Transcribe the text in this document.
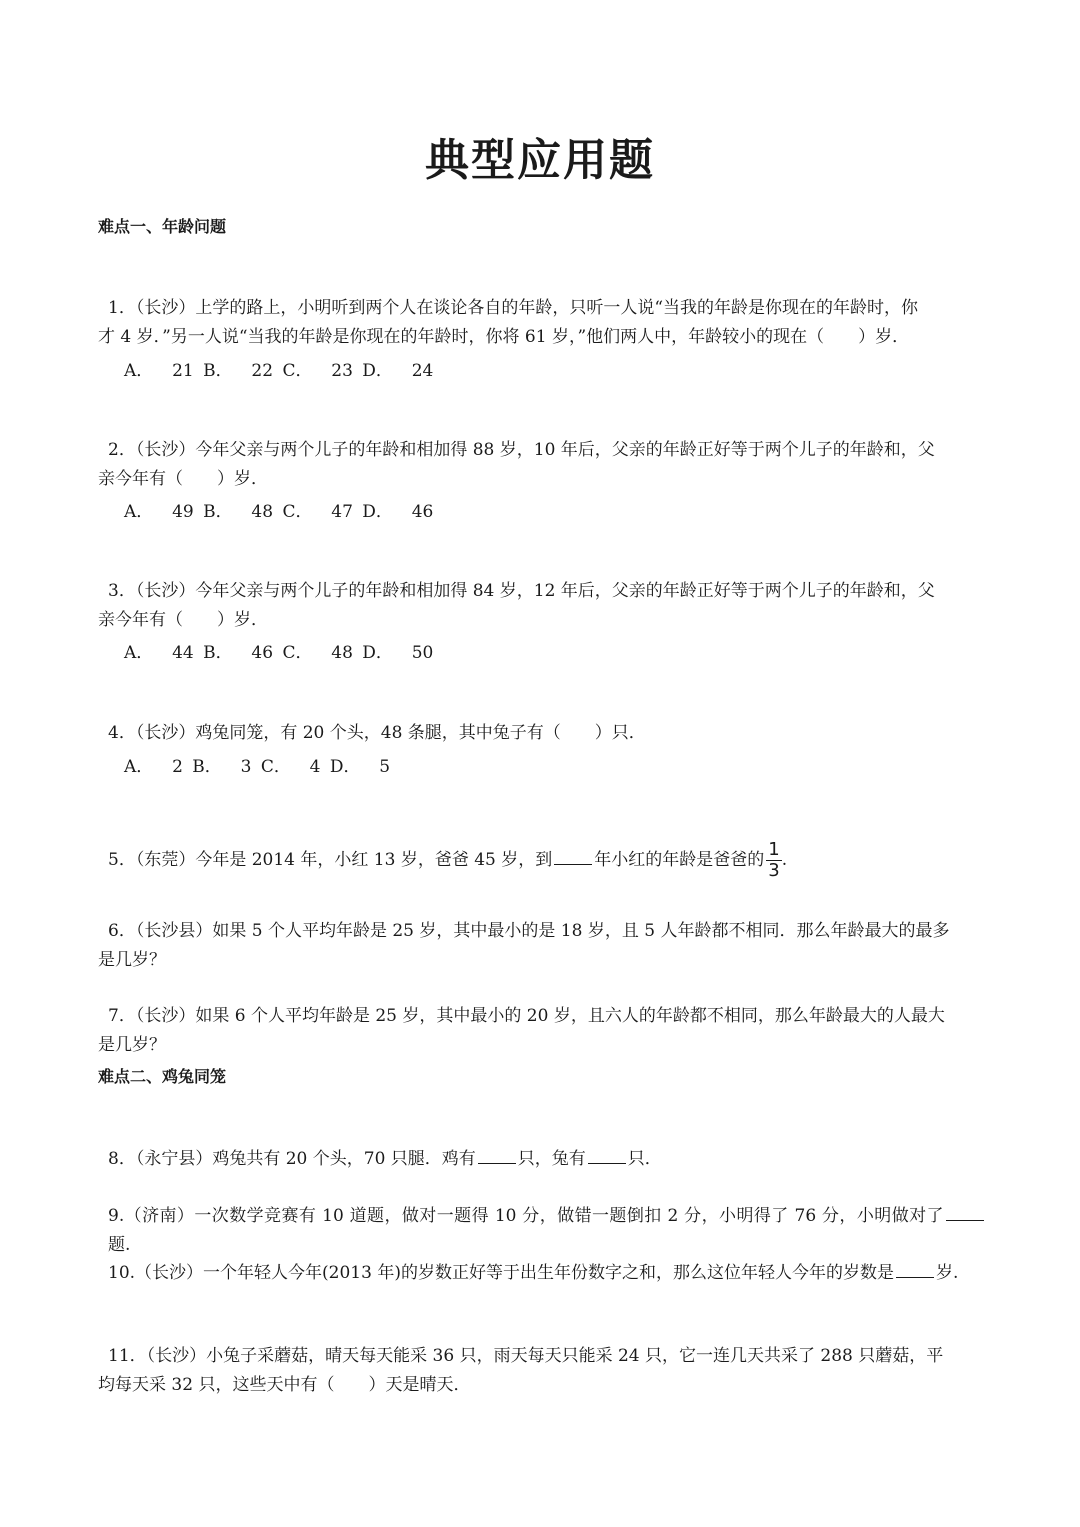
典型应用题
难点一、年龄问题
1．（长沙）上学的路上，小明听到两个人在谈论各自的年龄，只听一人说“当我的年龄是你现在的年龄时，你
才 4 岁．”另一人说“当我的年龄是你现在的年龄时，你将 61 岁，”他们两人中，年龄较小的现在（　　）岁．
A．  21 B．  22 C．  23 D．  24
2．（长沙）今年父亲与两个儿子的年龄和相加得 88 岁，10 年后，父亲的年龄正好等于两个儿子的年龄和，父
亲今年有（　　）岁．
A．  49 B．  48 C．  47 D．  46
3．（长沙）今年父亲与两个儿子的年龄和相加得 84 岁，12 年后，父亲的年龄正好等于两个儿子的年龄和，父
亲今年有（　　）岁．
A．  44 B．  46 C．  48 D．  50
4．（长沙）鸡兔同笼，有 20 个头，48 条腿，其中兔子有（　　）只．
A．  2 B．  3 C．  4 D．  5
5．（东莞）今年是 2014 年，小红 13 岁，爸爸 45 岁，到 年小红的年龄是爸爸的 $\frac{1}{3}$ .
6．（长沙县）如果 5 个人平均年龄是 25 岁，其中最小的是 18 岁，且 5 人年龄都不相同．那么年龄最大的最多
是几岁？
7．（长沙）如果 6 个人平均年龄是 25 岁，其中最小的 20 岁，且六人的年龄都不相同，那么年龄最大的人最大
是几岁？
难点二、鸡兔同笼
8．（永宁县）鸡兔共有 20 个头，70 只腿．鸡有 只，兔有 只．
9.（济南）一次数学竞赛有 10 道题，做对一题得 10 分，做错一题倒扣 2 分，小明得了 76 分，小明做对了题.
10.（长沙）一个年轻人今年(2013 年)的岁数正好等于出生年份数字之和，那么这位年轻人今年的岁数是 岁.
11．（长沙）小兔子采蘑菇，晴天每天能采 36 只，雨天每天只能采 24 只，它一连几天共采了 288 只蘑菇，平
均每天采 32 只，这些天中有（　　）天是晴天．
